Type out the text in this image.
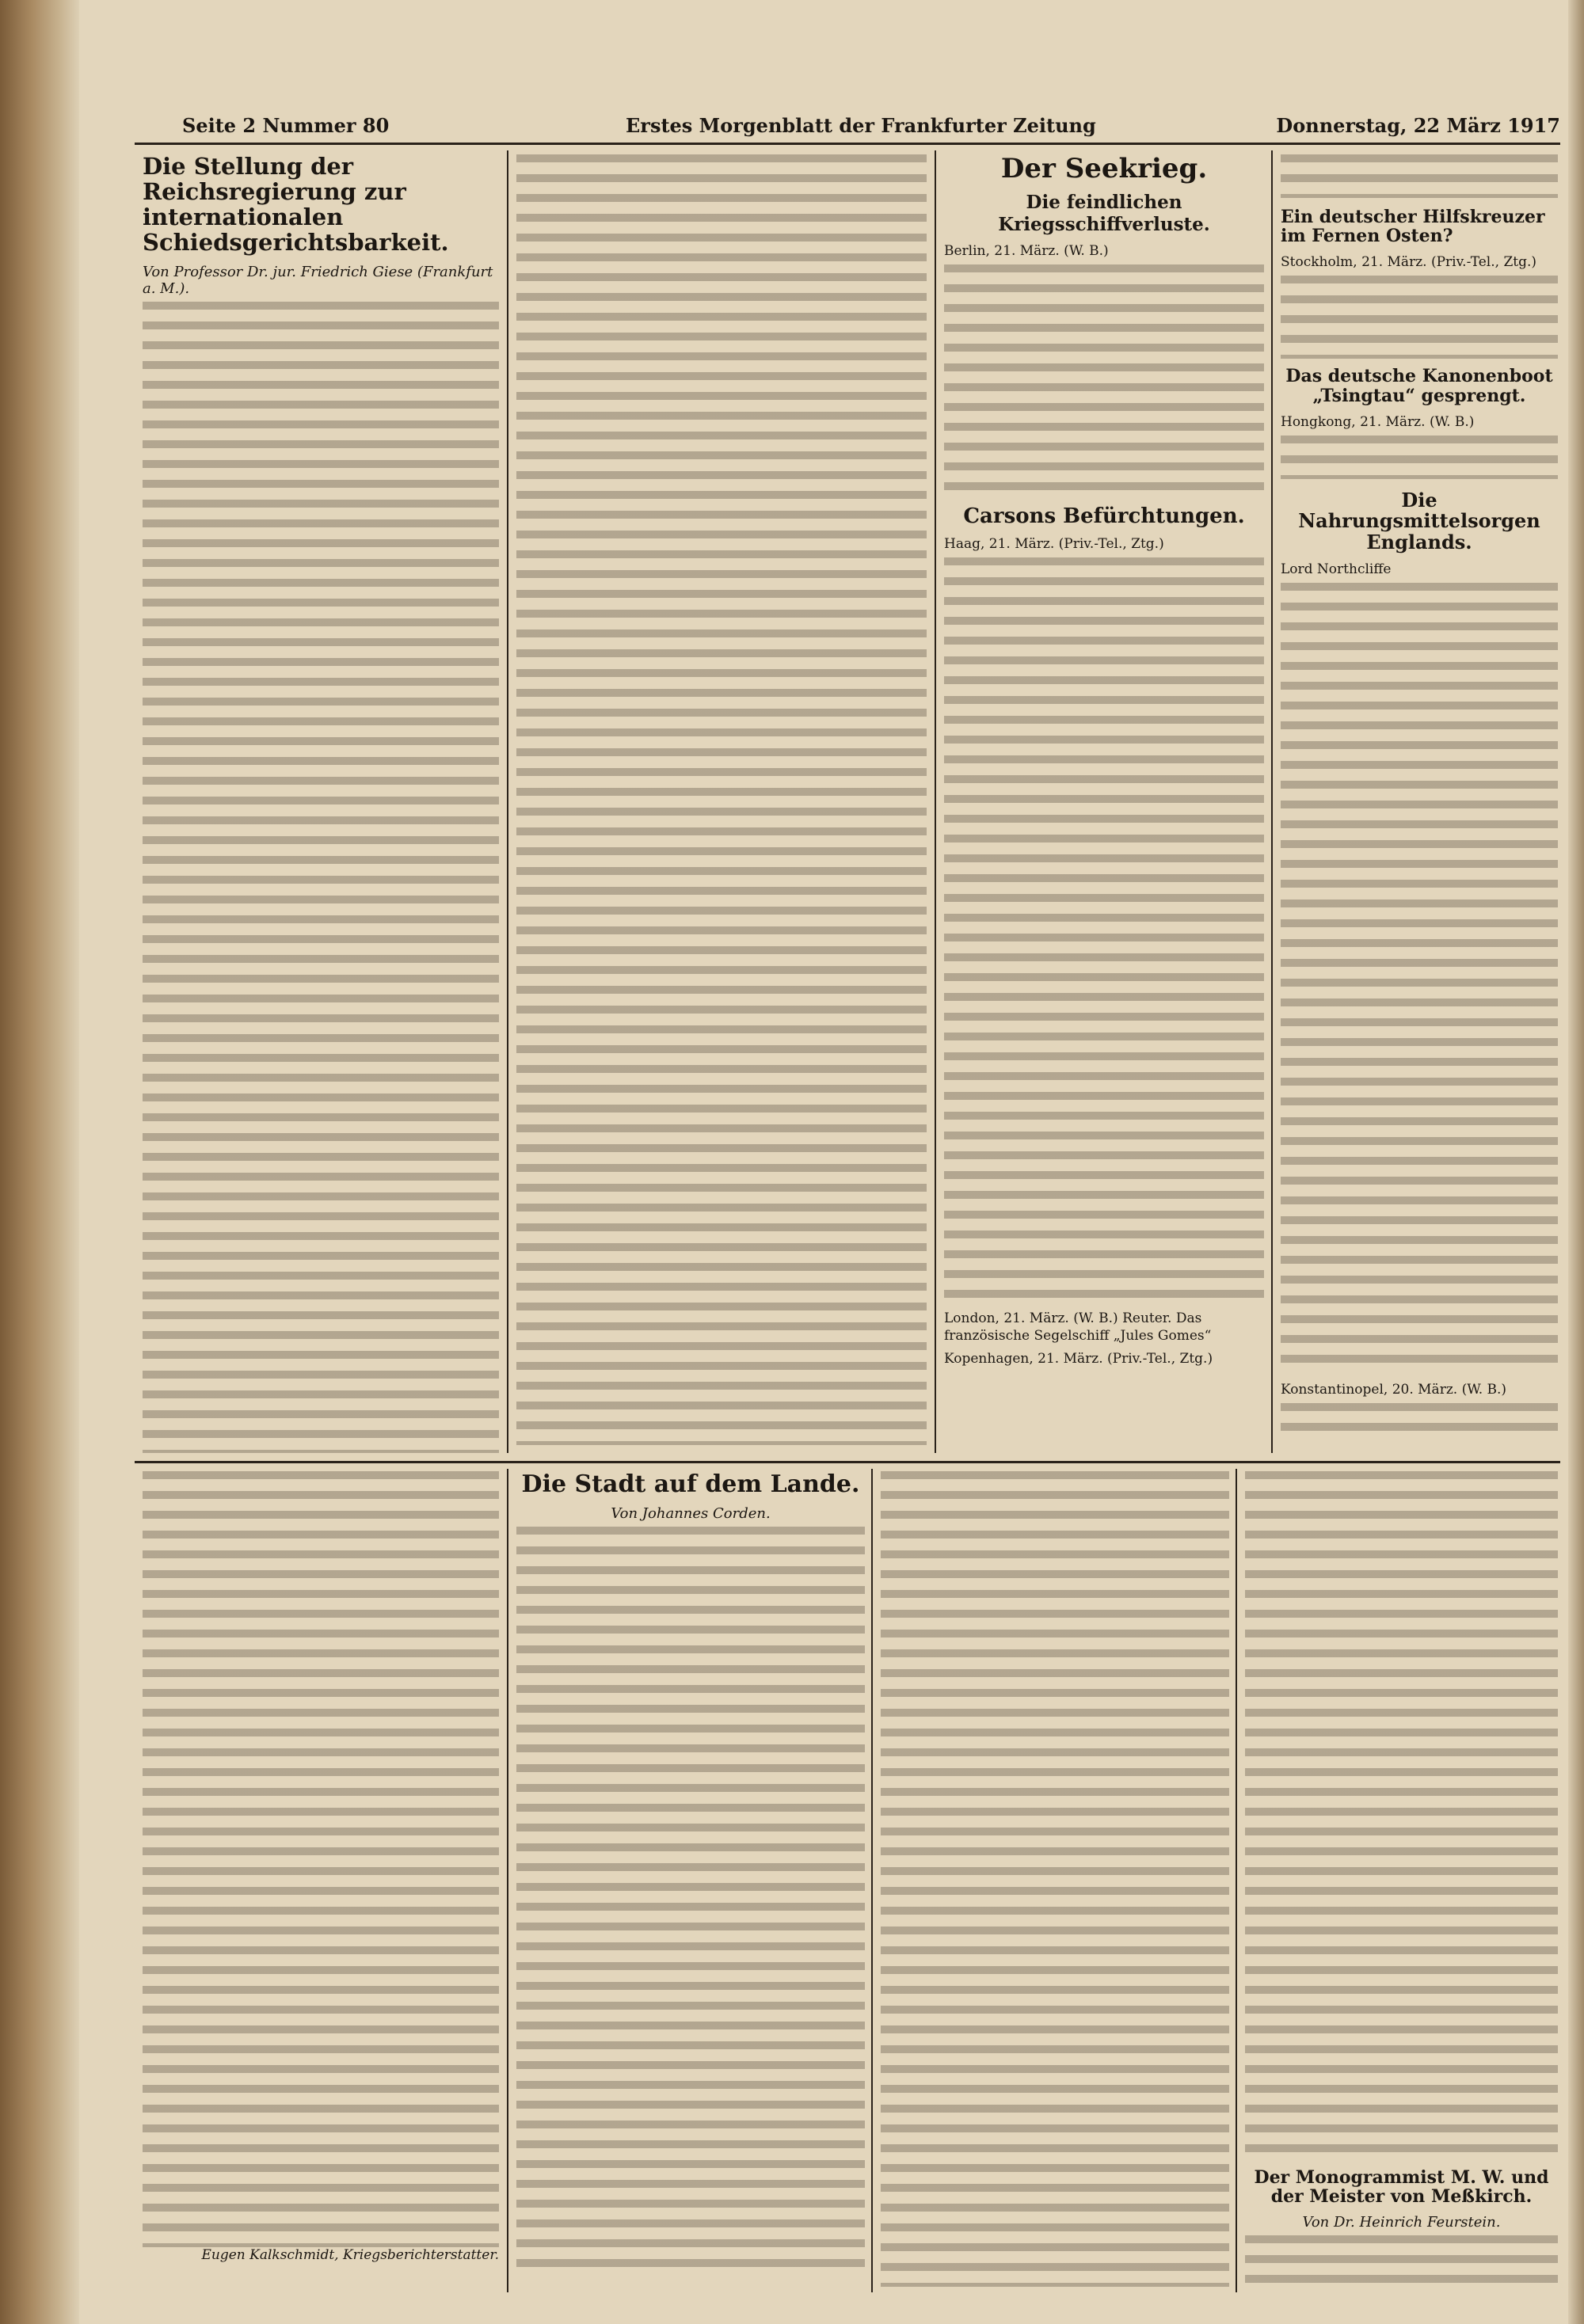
Seite 2 Nummer 80	Erstes Morgenblatt der Frankfurter Zeitung	Donnerstag, 22 März 1917
Die Stellung der Reichsregierung zur internationalen Schiedsgerichtsbarkeit.
Von Professor Dr. jur. Friedrich Giese (Frankfurt a. M.).
Der Seekrieg.
Die feindlichen Kriegsschiffverluste.
Berlin, 21. März. (W. B.)
Carsons Befürchtungen.
Haag, 21. März. (Priv.-Tel., Ztg.)
London, 21. März. (W. B.) Reuter. Das französische Segelschiff „Jules Gomes“
Kopenhagen, 21. März. (Priv.-Tel., Ztg.)
Ein deutscher Hilfskreuzer im Fernen Osten?
Stockholm, 21. März. (Priv.-Tel., Ztg.)
Das deutsche Kanonenboot „Tsingtau“ gesprengt.
Hongkong, 21. März. (W. B.)
Die Nahrungsmittelsorgen Englands.
Lord Northcliffe
Konstantinopel, 20. März. (W. B.)
Eugen Kalkschmidt, Kriegsberichterstatter.
Die Stadt auf dem Lande.
Von Johannes Corden.
Der Monogrammist M. W. und der Meister von Meßkirch.
Von Dr. Heinrich Feurstein.
